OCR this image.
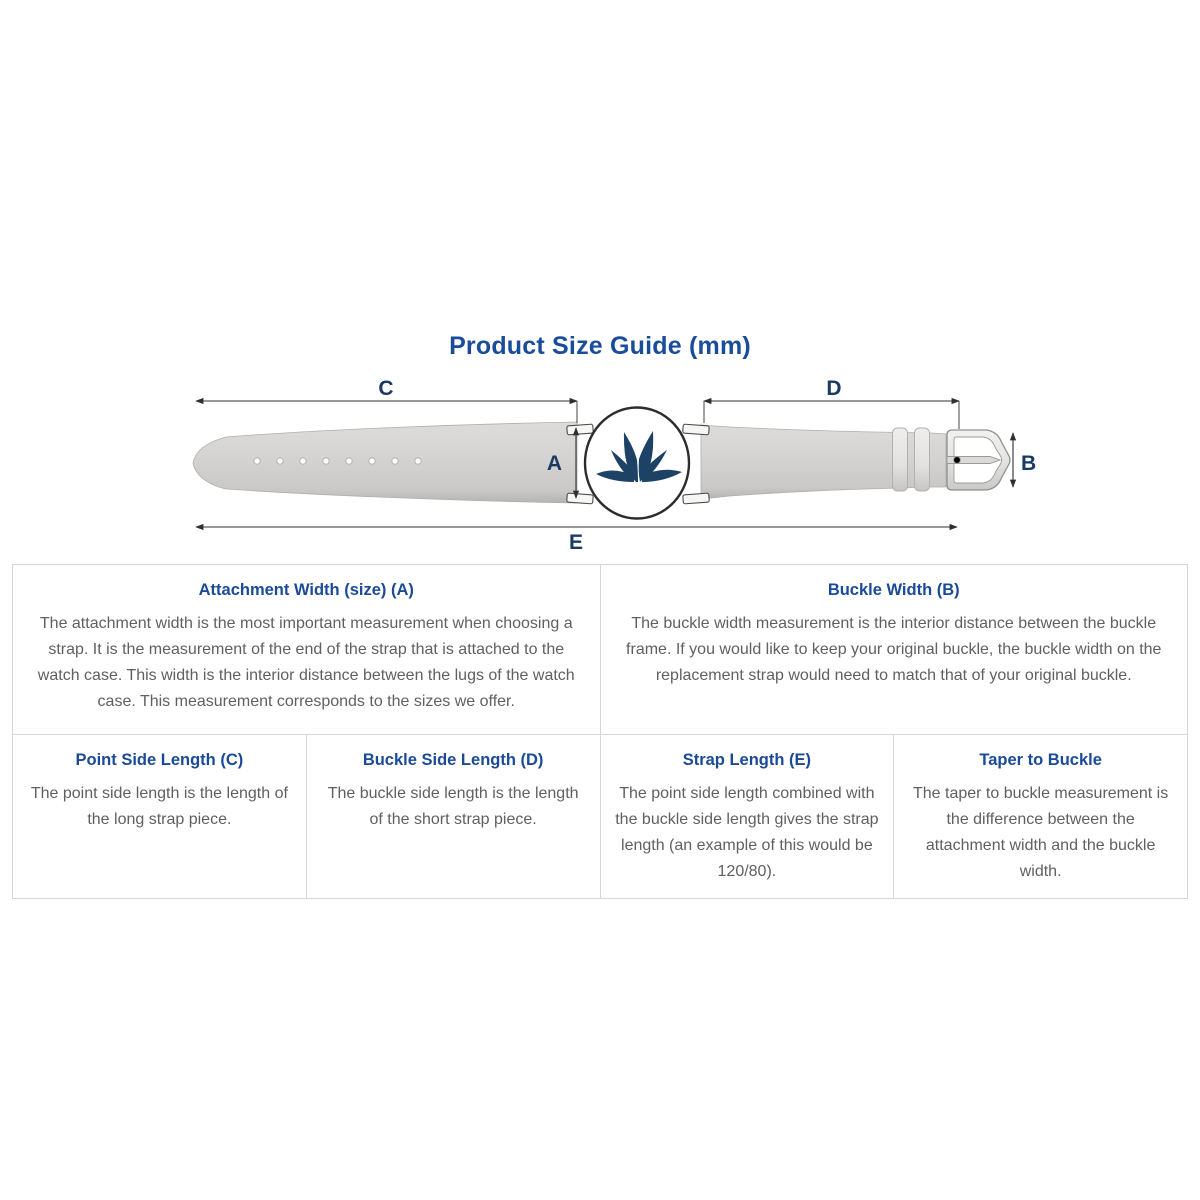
Product Size Guide (mm)
C	D
A	B
E
Attachment Width (size) (A)
The attachment width is the most important measurement when choosing a strap. It is the measurement of the end of the strap that is attached to the watch case. This width is the interior distance between the lugs of the watch case. This measurement corresponds to the sizes we offer.

Buckle Width (B)
The buckle width measurement is the interior distance between the buckle frame. If you would like to keep your original buckle, the buckle width on the replacement strap would need to match that of your original buckle.

Point Side Length (C)
The point side length is the length of the long strap piece.

Buckle Side Length (D)
The buckle side length is the length of the short strap piece.

Strap Length (E)
The point side length combined with the buckle side length gives the strap length (an example of this would be 120/80).

Taper to Buckle
The taper to buckle measurement is the difference between the attachment width and the buckle width.
